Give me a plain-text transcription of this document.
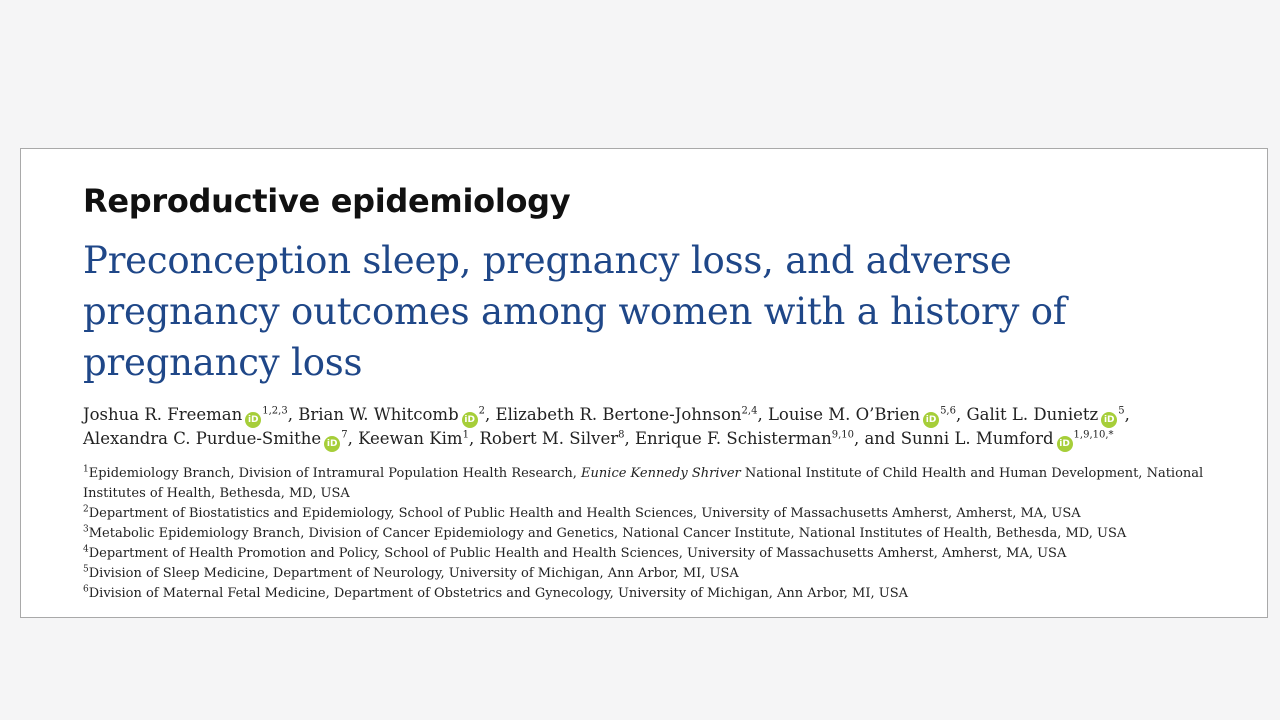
Reproductive epidemiology
Preconception sleep, pregnancy loss, and adverse
pregnancy outcomes among women with a history of
pregnancy loss
Joshua R. Freeman iD$^{1,2,3}$, Brian W. Whitcomb $iD^2$, Elizabeth R. Bertone-Johnson$^{2,4}$, Louise M. O’Brien iD$^{5,6}$, Galit L. Dunietz $iD^5$,
Alexandra C. Purdue-Smithe $iD^7$, Keewan Kim$^1$, Robert M. Silver$^8$, Enrique F. Schisterman$^{9,10}$, and Sunni L. Mumford $iD^{1,9,10,*}$

$^1$Epidemiology Branch, Division of Intramural Population Health Research, Eunice Kennedy Shriver National Institute of Child Health and Human Development, National Institutes of Health, Bethesda, MD, USA

$^2$Department of Biostatistics and Epidemiology, School of Public Health and Health Sciences, University of Massachusetts Amherst, Amherst, MA, USA

$^3$Metabolic Epidemiology Branch, Division of Cancer Epidemiology and Genetics, National Cancer Institute, National Institutes of Health, Bethesda, MD, USA

$^4$Department of Health Promotion and Policy, School of Public Health and Health Sciences, University of Massachusetts Amherst, Amherst, MA, USA

$^5$Division of Sleep Medicine, Department of Neurology, University of Michigan, Ann Arbor, MI, USA

$^6$Division of Maternal Fetal Medicine, Department of Obstetrics and Gynecology, University of Michigan, Ann Arbor, MI, USA
